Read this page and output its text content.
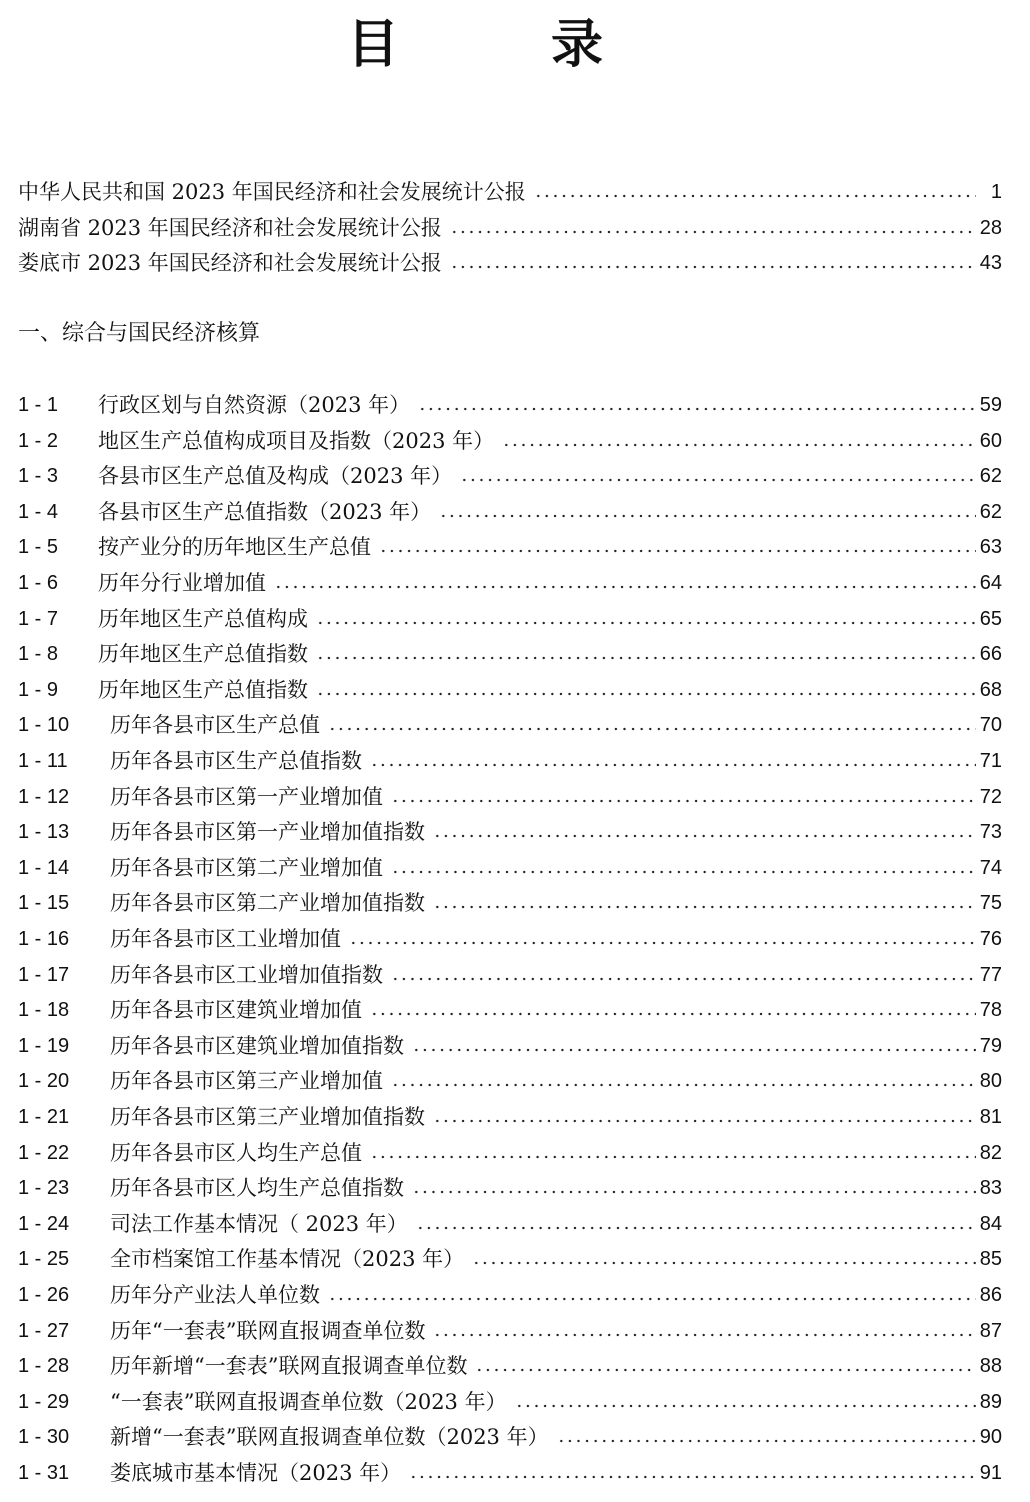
目　录
中华人民共和国 2023 年国民经济和社会发展统计公报	1
湖南省 2023 年国民经济和社会发展统计公报	28
娄底市 2023 年国民经济和社会发展统计公报	43
一、综合与国民经济核算
1 - 1	行政区划与自然资源（2023 年）	59
1 - 2	地区生产总值构成项目及指数（2023 年）	60
1 - 3	各县市区生产总值及构成（2023 年）	62
1 - 4	各县市区生产总值指数（2023 年）	62
1 - 5	按产业分的历年地区生产总值	63
1 - 6	历年分行业增加值	64
1 - 7	历年地区生产总值构成	65
1 - 8	历年地区生产总值指数	66
1 - 9	历年地区生产总值指数	68
1 - 10	历年各县市区生产总值	70
1 - 11	历年各县市区生产总值指数	71
1 - 12	历年各县市区第一产业增加值	72
1 - 13	历年各县市区第一产业增加值指数	73
1 - 14	历年各县市区第二产业增加值	74
1 - 15	历年各县市区第二产业增加值指数	75
1 - 16	历年各县市区工业增加值	76
1 - 17	历年各县市区工业增加值指数	77
1 - 18	历年各县市区建筑业增加值	78
1 - 19	历年各县市区建筑业增加值指数	79
1 - 20	历年各县市区第三产业增加值	80
1 - 21	历年各县市区第三产业增加值指数	81
1 - 22	历年各县市区人均生产总值	82
1 - 23	历年各县市区人均生产总值指数	83
1 - 24	司法工作基本情况（ 2023 年）	84
1 - 25	全市档案馆工作基本情况（2023 年）	85
1 - 26	历年分产业法人单位数	86
1 - 27	历年“一套表”联网直报调查单位数	87
1 - 28	历年新增“一套表”联网直报调查单位数	88
1 - 29	“一套表”联网直报调查单位数（2023 年）	89
1 - 30	新增“一套表”联网直报调查单位数（2023 年）	90
1 - 31	娄底城市基本情况（2023 年）	91
